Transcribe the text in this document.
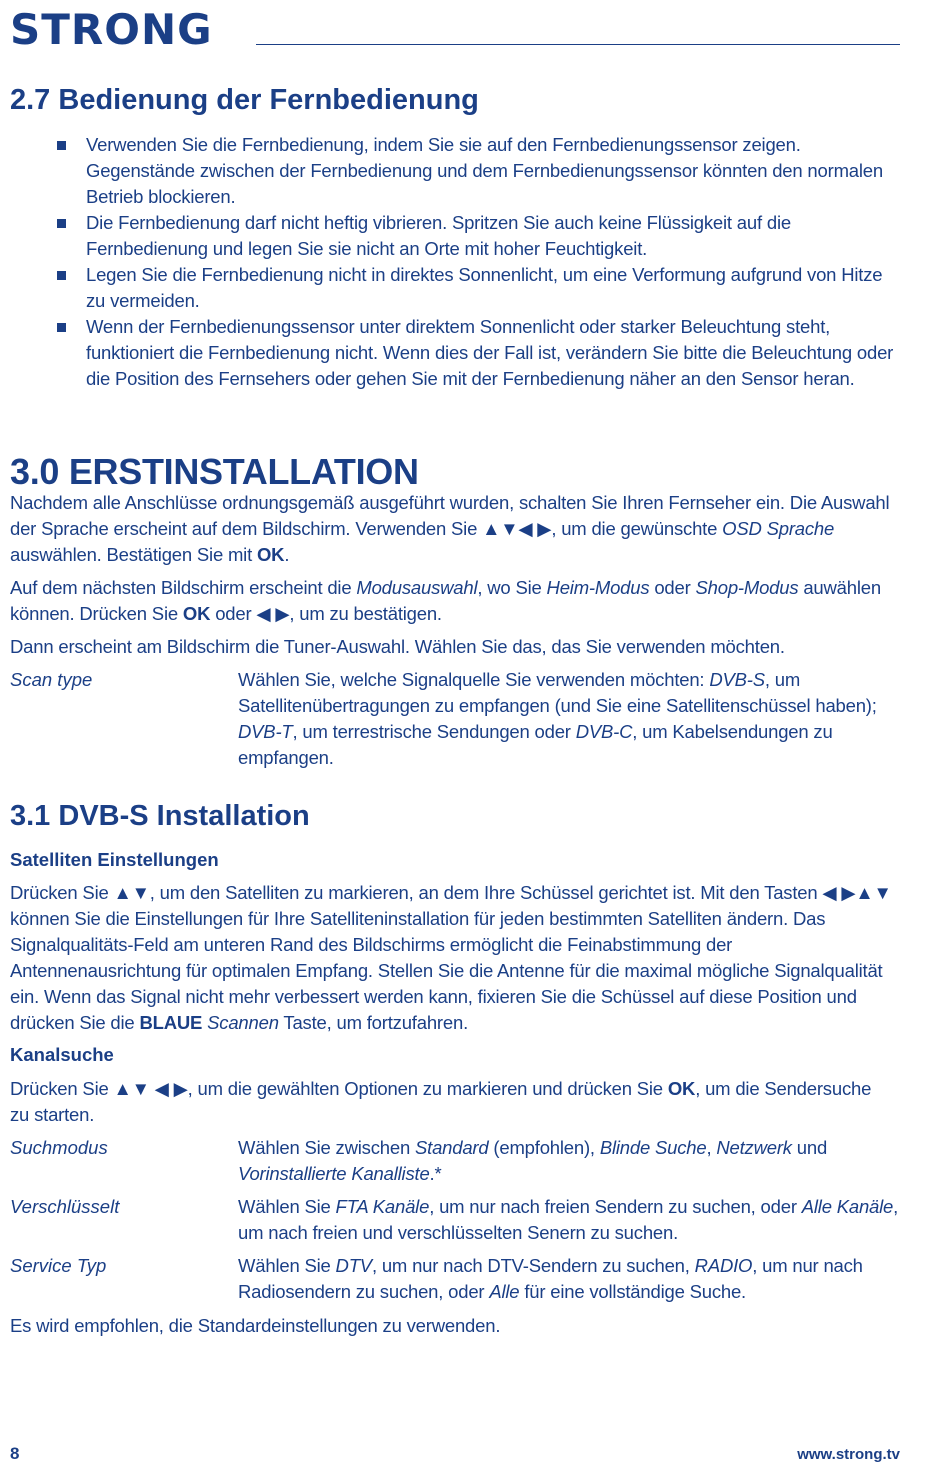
STRONG
2.7 Bedienung der Fernbedienung
Verwenden Sie die Fernbedienung, indem Sie sie auf den Fernbedienungssensor zeigen. Gegenstände zwischen der Fernbedienung und dem Fernbedienungssensor könnten den normalen Betrieb blockieren.
Die Fernbedienung darf nicht heftig vibrieren. Spritzen Sie auch keine Flüssigkeit auf die Fernbedienung und legen Sie sie nicht an Orte mit hoher Feuchtigkeit.
Legen Sie die Fernbedienung nicht in direktes Sonnenlicht, um eine Verformung aufgrund von Hitze zu vermeiden.
Wenn der Fernbedienungssensor unter direktem Sonnenlicht oder starker Beleuchtung steht, funktioniert die Fernbedienung nicht. Wenn dies der Fall ist, verändern Sie bitte die Beleuchtung oder die Position des Fernsehers oder gehen Sie mit der Fernbedienung näher an den Sensor heran.
3.0 ERSTINSTALLATION

Nachdem alle Anschlüsse ordnungsgemäß ausgeführt wurden, schalten Sie Ihren Fernseher ein. Die Auswahl der Sprache erscheint auf dem Bildschirm. Verwenden Sie ▲▼◀ ▶, um die gewünschte OSD Sprache auswählen. Bestätigen Sie mit OK.

Auf dem nächsten Bildschirm erscheint die Modusauswahl, wo Sie Heim-Modus oder Shop-Modus auwählen können. Drücken Sie OK oder ◀ ▶, um zu bestätigen.

Dann erscheint am Bildschirm die Tuner-Auswahl. Wählen Sie das, das Sie verwenden möchten.

Scan type	Wählen Sie, welche Signalquelle Sie verwenden möchten: DVB-S, um Satellitenübertragungen zu empfangen (und Sie eine Satellitenschüssel haben); DVB-T, um terrestrische Sendungen oder DVB-C, um Kabelsendungen zu empfangen.
3.1 DVB-S Installation
Satelliten Einstellungen

Drücken Sie ▲▼, um den Satelliten zu markieren, an dem Ihre Schüssel gerichtet ist. Mit den Tasten ◀ ▶▲▼ können Sie die Einstellungen für Ihre Satelliteninstallation für jeden bestimmten Satelliten ändern. Das Signalqualitäts-Feld am unteren Rand des Bildschirms ermöglicht die Feinabstimmung der Antennenausrichtung für optimalen Empfang. Stellen Sie die Antenne für die maximal mögliche Signalqualität ein. Wenn das Signal nicht mehr verbessert werden kann, fixieren Sie die Schüssel auf diese Position und drücken Sie die BLAUE Scannen Taste, um fortzufahren.

Kanalsuche

Drücken Sie ▲▼ ◀ ▶, um die gewählten Optionen zu markieren und drücken Sie OK, um die Sendersuche zu starten.

Suchmodus	Wählen Sie zwischen Standard (empfohlen), Blinde Suche, Netzwerk und Vorinstallierte Kanalliste.*
Verschlüsselt	Wählen Sie FTA Kanäle, um nur nach freien Sendern zu suchen, oder Alle Kanäle, um nach freien und verschlüsselten Senern zu suchen.
Service Typ	Wählen Sie DTV, um nur nach DTV-Sendern zu suchen, RADIO, um nur nach Radiosendern zu suchen, oder Alle für eine vollständige Suche.

Es wird empfohlen, die Standardeinstellungen zu verwenden.

8	www.strong.tv
